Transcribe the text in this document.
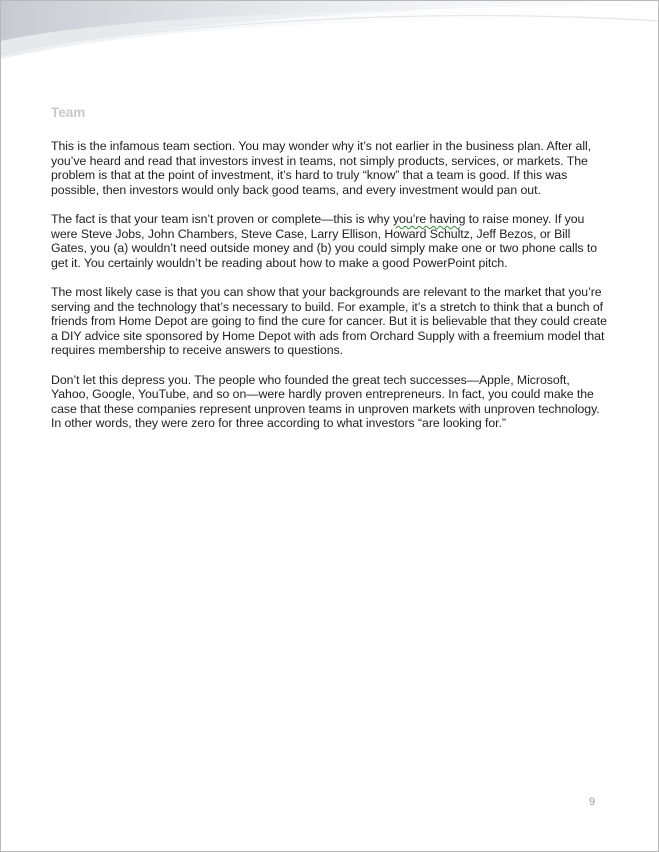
Team

This is the infamous team section. You may wonder why it’s not earlier in the business plan. After all, you’ve heard and read that investors invest in teams, not simply products, services, or markets. The problem is that at the point of investment, it’s hard to truly “know” that a team is good. If this was possible, then investors would only back good teams, and every investment would pan out.

The fact is that your team isn’t proven or complete—this is why you’re having to raise money. If you were Steve Jobs, John Chambers, Steve Case, Larry Ellison, Howard Schultz, Jeff Bezos, or Bill Gates, you (a) wouldn’t need outside money and (b) you could simply make one or two phone calls to get it. You certainly wouldn’t be reading about how to make a good PowerPoint pitch.

The most likely case is that you can show that your backgrounds are relevant to the market that you’re serving and the technology that’s necessary to build. For example, it’s a stretch to think that a bunch of friends from Home Depot are going to find the cure for cancer. But it is believable that they could create a DIY advice site sponsored by Home Depot with ads from Orchard Supply with a freemium model that requires membership to receive answers to questions.

Don’t let this depress you. The people who founded the great tech successes—Apple, Microsoft, Yahoo, Google, YouTube, and so on—were hardly proven entrepreneurs. In fact, you could make the case that these companies represent unproven teams in unproven markets with unproven technology. In other words, they were zero for three according to what investors “are looking for.”

9
